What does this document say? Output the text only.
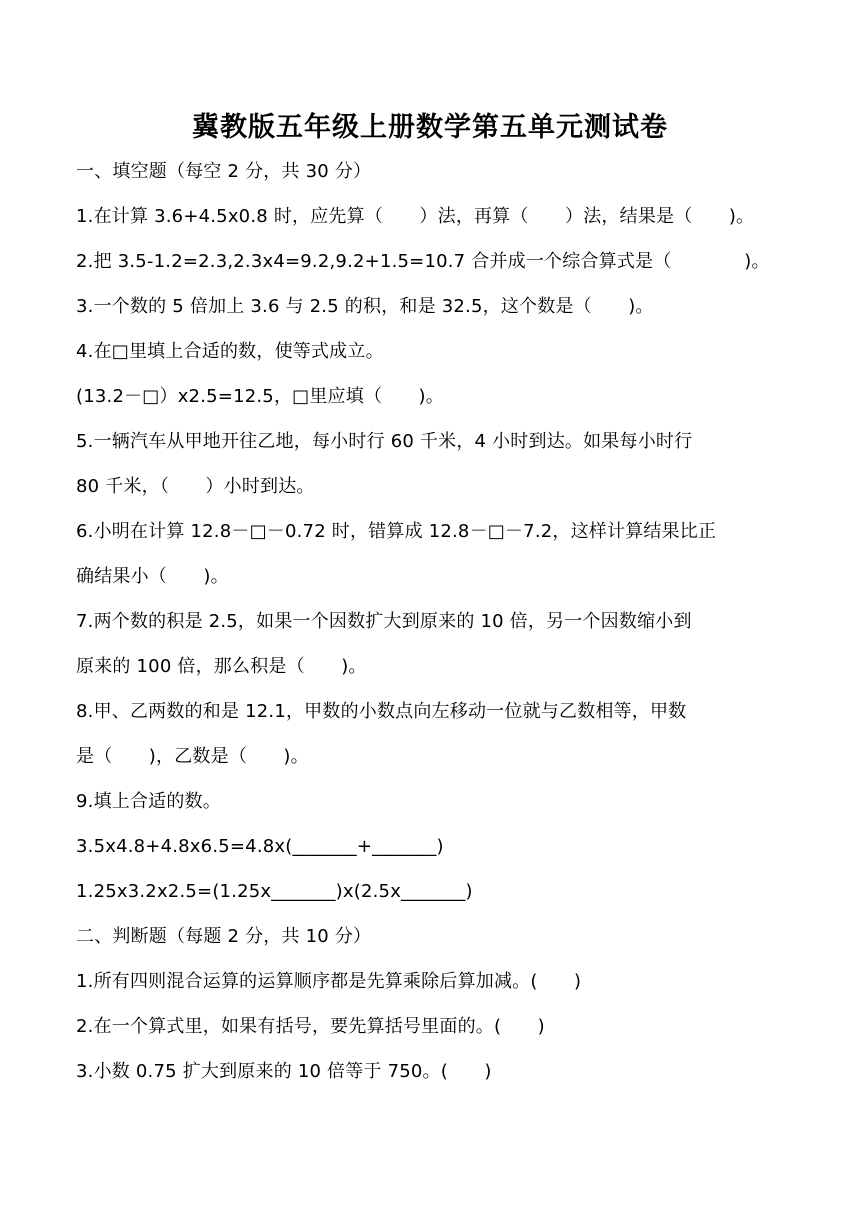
冀教版五年级上册数学第五单元测试卷
一、填空题（每空 2 分，共 30 分）
1.在计算 3.6+4.5x0.8 时，应先算（　　）法，再算（　　）法，结果是（　　)。
2.把 3.5-1.2=2.3,2.3x4=9.2,9.2+1.5=10.7 合并成一个综合算式是（　　　　)。
3.一个数的 5 倍加上 3.6 与 2.5 的积，和是 32.5，这个数是（　　)。
4.在□里填上合适的数，使等式成立。
(13.2－□）x2.5=12.5，□里应填（　　)。
5.一辆汽车从甲地开往乙地，每小时行 60 千米，4 小时到达。如果每小时行
80 千米，（　　）小时到达。
6.小明在计算 12.8－□－0.72 时，错算成 12.8－□－7.2，这样计算结果比正
确结果小（　　)。
7.两个数的积是 2.5，如果一个因数扩大到原来的 10 倍，另一个因数缩小到
原来的 100 倍，那么积是（　　)。
8.甲、乙两数的和是 12.1，甲数的小数点向左移动一位就与乙数相等，甲数
是（　　)，乙数是（　　)。
9.填上合适的数。
3.5x4.8+4.8x6.5=4.8x(_______+_______)
1.25x3.2x2.5=(1.25x_______)x(2.5x_______)
二、判断题（每题 2 分，共 10 分）
1.所有四则混合运算的运算顺序都是先算乘除后算加减。(　　)
2.在一个算式里，如果有括号，要先算括号里面的。(　　)
3.小数 0.75 扩大到原来的 10 倍等于 750。(　　)
